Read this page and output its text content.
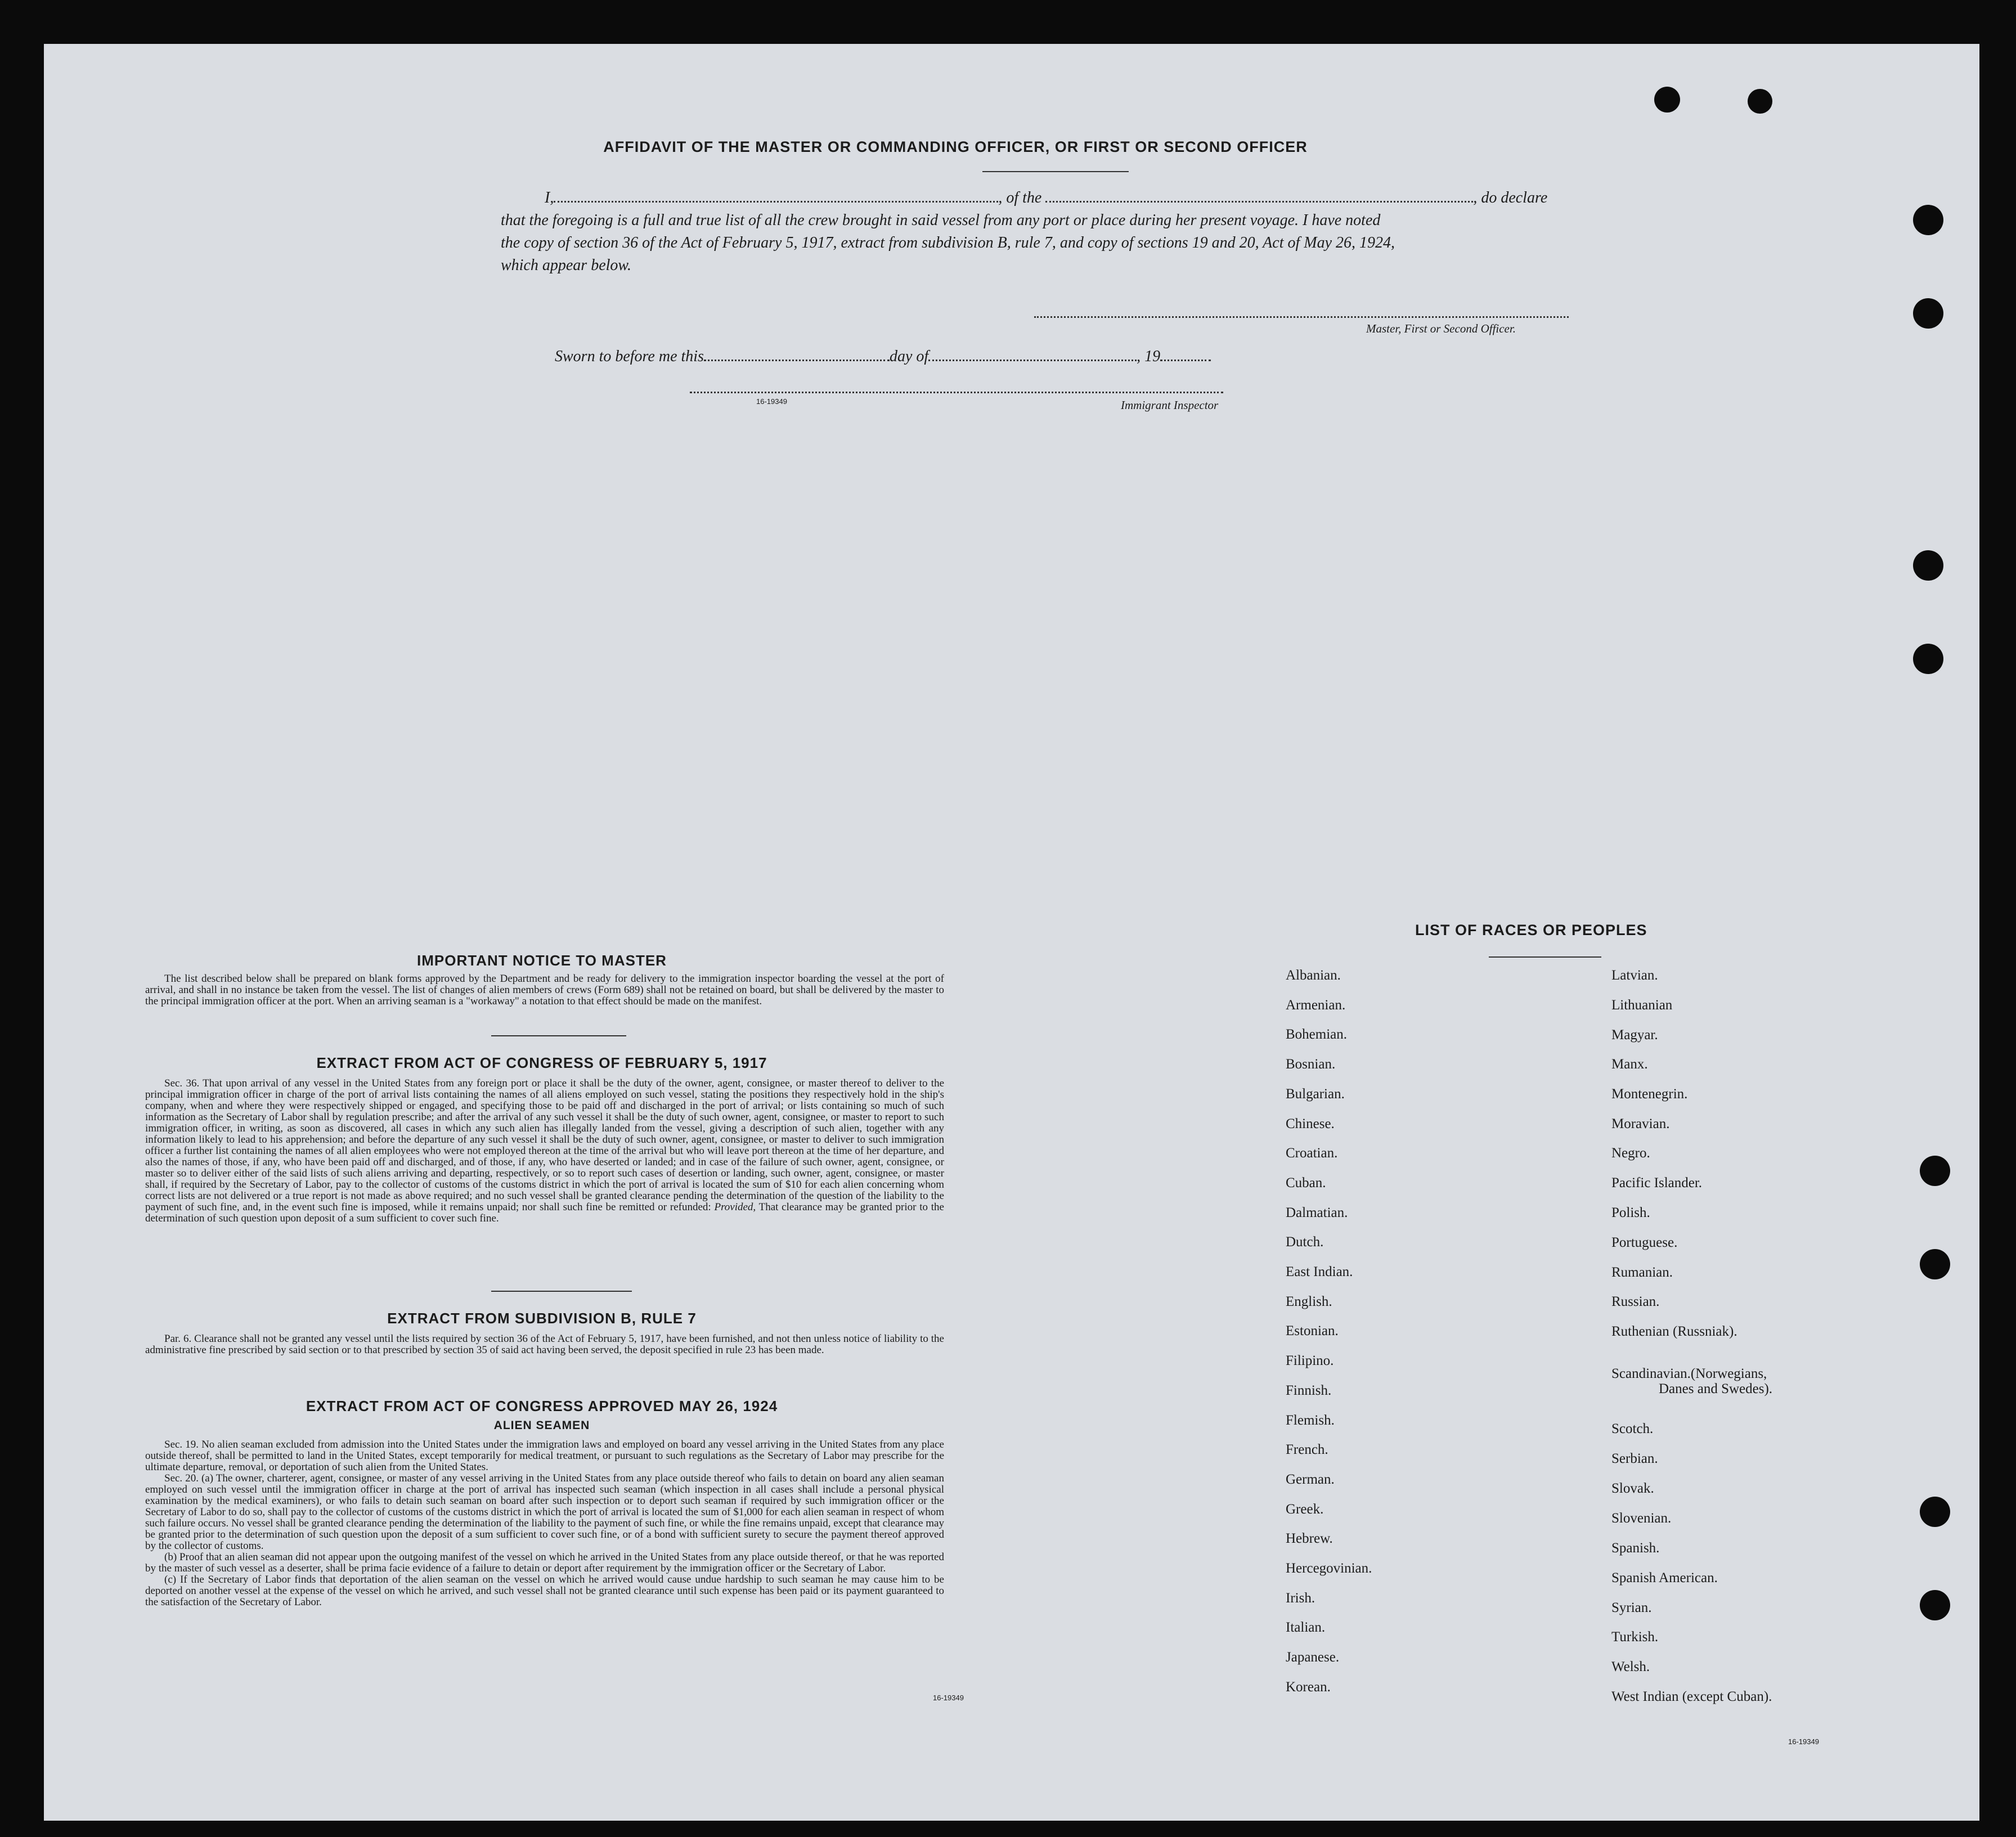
AFFIDAVIT OF THE MASTER OR COMMANDING OFFICER, OR FIRST OR SECOND OFFICER
I,	, of the	, do declare
that the foregoing is a full and true list of all the crew brought in said vessel from any port or place during her present voyage. I have noted
the copy of section 36 of the Act of February 5, 1917, extract from subdivision B, rule 7, and copy of sections 19 and 20, Act of May 26, 1924,
which appear below.
Master, First or Second Officer.
Sworn to before me this	day of	, 19
16-19349	Immigrant Inspector
IMPORTANT NOTICE TO MASTER
The list described below shall be prepared on blank forms approved by the Department and be ready for delivery to the immigration inspector boarding the vessel at the port of arrival, and shall in no instance be taken from the vessel. The list of changes of alien members of crews (Form 689) shall not be retained on board, but shall be delivered by the master to the principal immigration officer at the port. When an arriving seaman is a "workaway" a notation to that effect should be made on the manifest.
EXTRACT FROM ACT OF CONGRESS OF FEBRUARY 5, 1917
Sec. 36. That upon arrival of any vessel in the United States from any foreign port or place it shall be the duty of the owner, agent, consignee, or master thereof to deliver to the principal immigration officer in charge of the port of arrival lists containing the names of all aliens employed on such vessel, stating the positions they respectively hold in the ship's company, when and where they were respectively shipped or engaged, and specifying those to be paid off and discharged in the port of arrival; or lists containing so much of such information as the Secretary of Labor shall by regulation prescribe; and after the arrival of any such vessel it shall be the duty of such owner, agent, consignee, or master to report to such immigration officer, in writing, as soon as discovered, all cases in which any such alien has illegally landed from the vessel, giving a description of such alien, together with any information likely to lead to his apprehension; and before the departure of any such vessel it shall be the duty of such owner, agent, consignee, or master to deliver to such immigration officer a further list containing the names of all alien employees who were not employed thereon at the time of the arrival but who will leave port thereon at the time of her departure, and also the names of those, if any, who have been paid off and discharged, and of those, if any, who have deserted or landed; and in case of the failure of such owner, agent, consignee, or master so to deliver either of the said lists of such aliens arriving and departing, respectively, or so to report such cases of desertion or landing, such owner, agent, consignee, or master shall, if required by the Secretary of Labor, pay to the collector of customs of the customs district in which the port of arrival is located the sum of $10 for each alien concerning whom correct lists are not delivered or a true report is not made as above required; and no such vessel shall be granted clearance pending the determination of the question of the liability to the payment of such fine, and, in the event such fine is imposed, while it remains unpaid; nor shall such fine be remitted or refunded: Provided, That clearance may be granted prior to the determination of such question upon deposit of a sum sufficient to cover such fine.
EXTRACT FROM SUBDIVISION B, RULE 7
Par. 6. Clearance shall not be granted any vessel until the lists required by section 36 of the Act of February 5, 1917, have been furnished, and not then unless notice of liability to the administrative fine prescribed by said section or to that prescribed by section 35 of said act having been served, the deposit specified in rule 23 has been made.
EXTRACT FROM ACT OF CONGRESS APPROVED MAY 26, 1924
ALIEN SEAMEN
Sec. 19. No alien seaman excluded from admission into the United States under the immigration laws and employed on board any vessel arriving in the United States from any place outside thereof, shall be permitted to land in the United States, except temporarily for medical treatment, or pursuant to such regulations as the Secretary of Labor may prescribe for the ultimate departure, removal, or deportation of such alien from the United States.
Sec. 20. (a) The owner, charterer, agent, consignee, or master of any vessel arriving in the United States from any place outside thereof who fails to detain on board any alien seaman employed on such vessel until the immigration officer in charge at the port of arrival has inspected such seaman (which inspection in all cases shall include a personal physical examination by the medical examiners), or who fails to detain such seaman on board after such inspection or to deport such seaman if required by such immigration officer or the Secretary of Labor to do so, shall pay to the collector of customs of the customs district in which the port of arrival is located the sum of $1,000 for each alien seaman in respect of whom such failure occurs. No vessel shall be granted clearance pending the determination of the liability to the payment of such fine, or while the fine remains unpaid, except that clearance may be granted prior to the determination of such question upon the deposit of a sum sufficient to cover such fine, or of a bond with sufficient surety to secure the payment thereof approved by the collector of customs.
(b) Proof that an alien seaman did not appear upon the outgoing manifest of the vessel on which he arrived in the United States from any place outside thereof, or that he was reported by the master of such vessel as a deserter, shall be prima facie evidence of a failure to detain or deport after requirement by the immigration officer or the Secretary of Labor.
(c) If the Secretary of Labor finds that deportation of the alien seaman on the vessel on which he arrived would cause undue hardship to such seaman he may cause him to be deported on another vessel at the expense of the vessel on which he arrived, and such vessel shall not be granted clearance until such expense has been paid or its payment guaranteed to the satisfaction of the Secretary of Labor.
16-19349
LIST OF RACES OR PEOPLES
16-19349
Albanian.
Armenian.
Bohemian.
Bosnian.
Bulgarian.
Chinese.
Croatian.
Cuban.
Dalmatian.
Dutch.
East Indian.
English.
Estonian.
Filipino.
Finnish.
Flemish.
French.
German.
Greek.
Hebrew.
Hercegovinian.
Irish.
Italian.
Japanese.
Korean.
Latvian.
Lithuanian
Magyar.
Manx.
Montenegrin.
Moravian.
Negro.
Pacific Islander.
Polish.
Portuguese.
Rumanian.
Russian.
Ruthenian (Russniak).
Scandinavian.(Norwegians,
Danes and Swedes).
Scotch.
Serbian.
Slovak.
Slovenian.
Spanish.
Spanish American.
Syrian.
Turkish.
Welsh.
West Indian (except Cuban).
